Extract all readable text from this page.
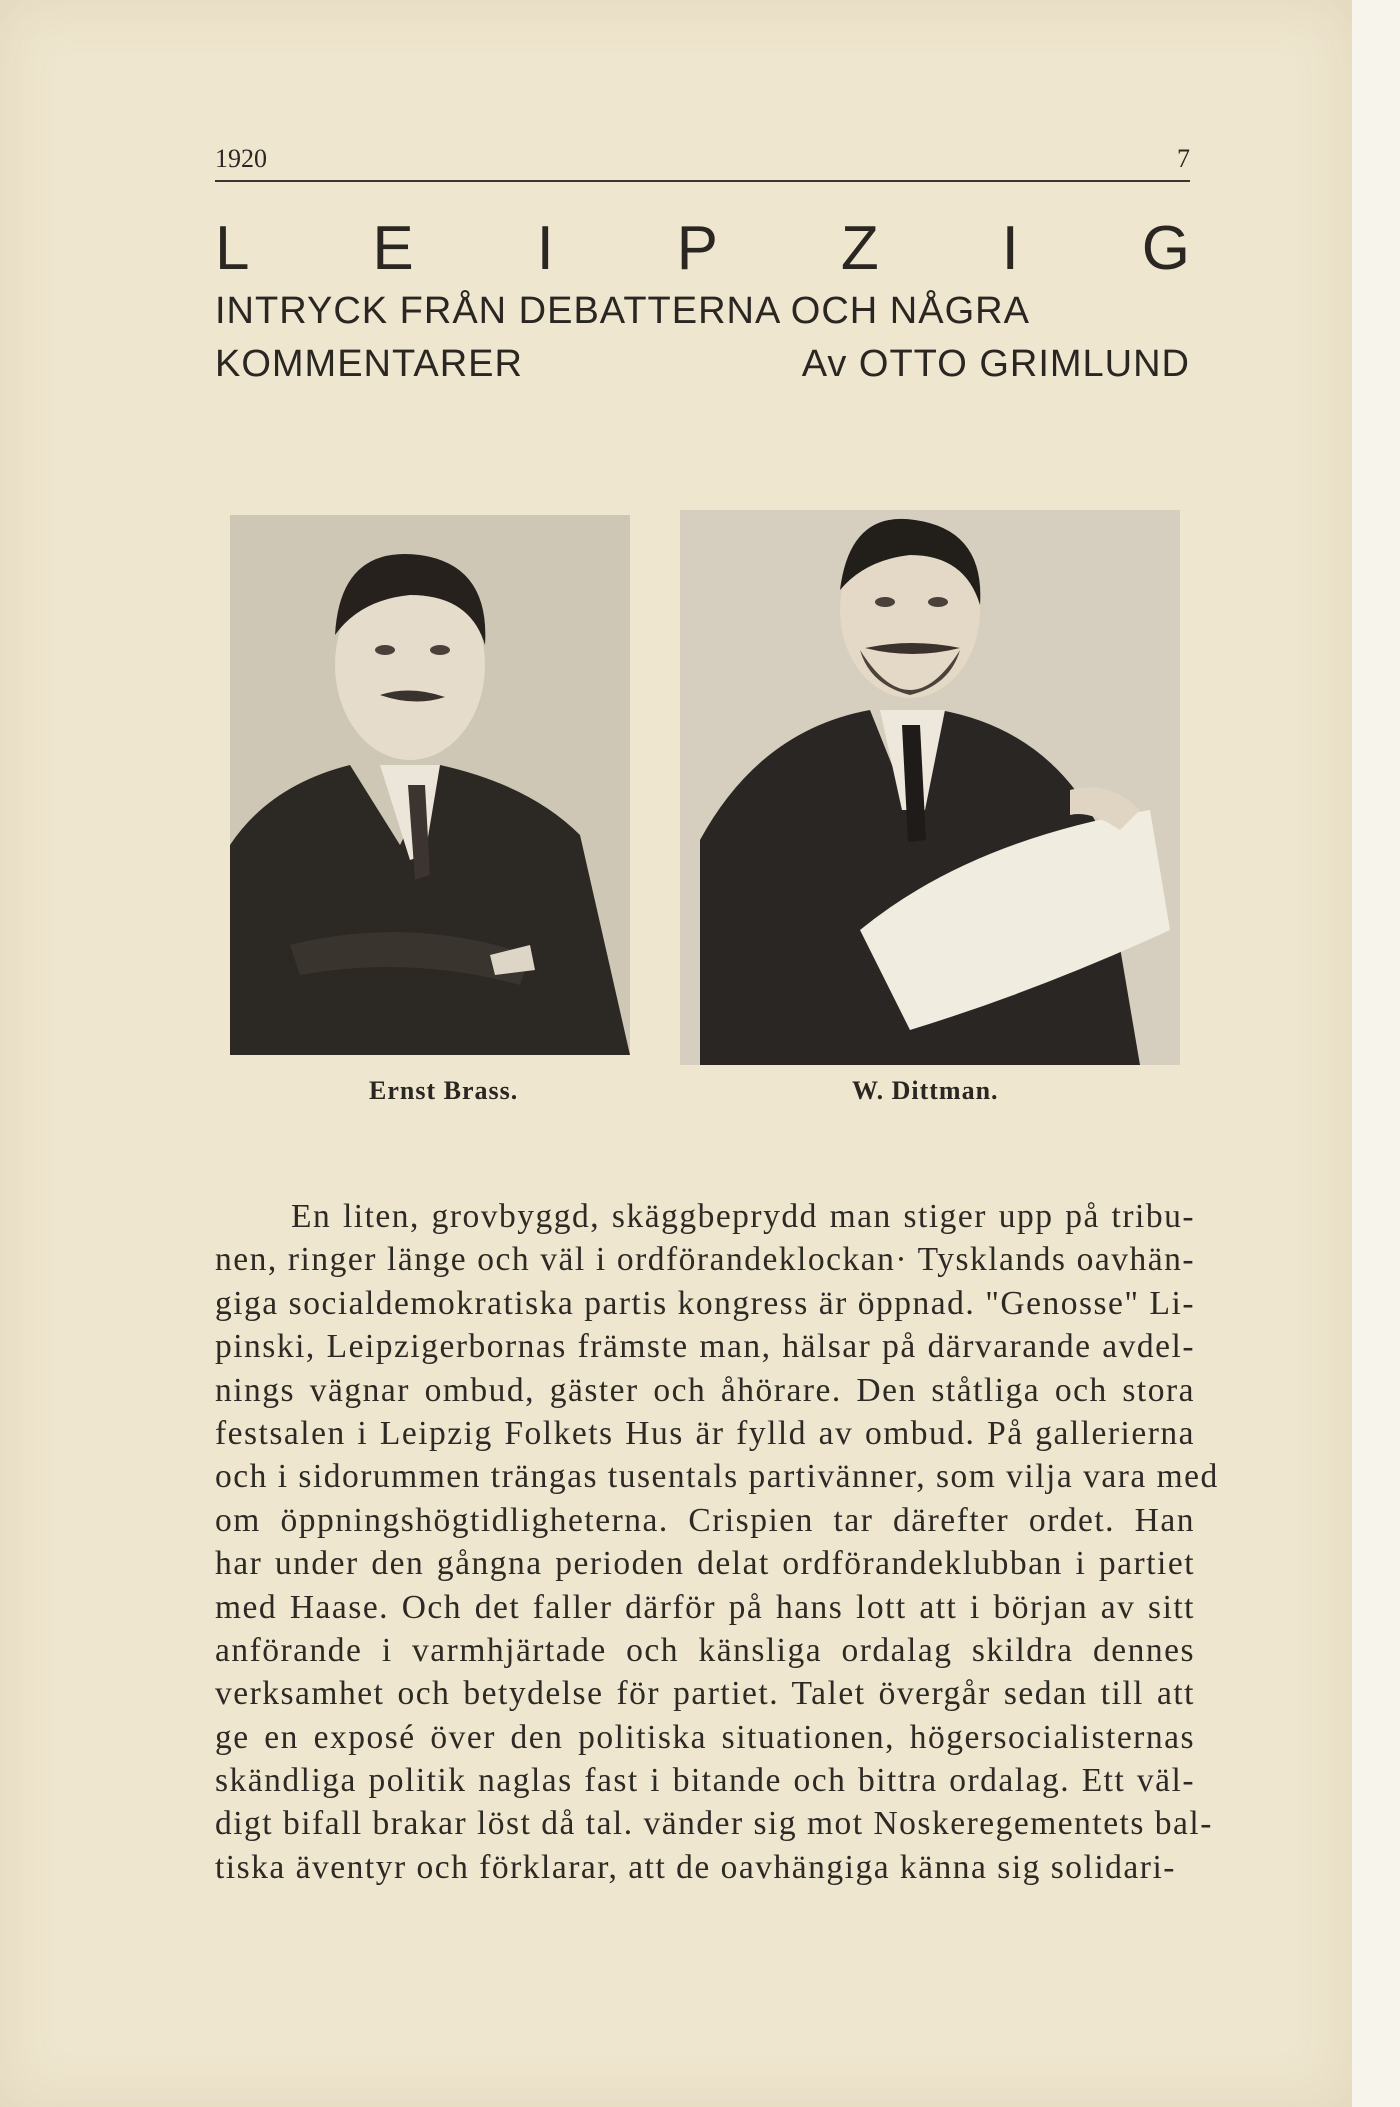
1920	7
L E I P Z I G
INTRYCK FRÅN DEBATTERNA OCH NÅGRA
KOMMENTARER	Av OTTO GRIMLUND
Ernst Brass.	W. Dittman.
En liten, grovbyggd, skäggbeprydd man stiger upp på tribu-
nen, ringer länge och väl i ordförandeklockan· Tysklands oavhän-
giga socialdemokratiska partis kongress är öppnad. "Genosse" Li-
pinski, Leipzigerbornas främste man, hälsar på därvarande avdel-
nings vägnar ombud, gäster och åhörare. Den ståtliga och stora
festsalen i Leipzig Folkets Hus är fylld av ombud. På gallerierna
och i sidorummen trängas tusentals partivänner, som vilja vara med
om öppningshögtidligheterna. Crispien tar därefter ordet. Han
har under den gångna perioden delat ordförandeklubban i partiet
med Haase. Och det faller därför på hans lott att i början av sitt
anförande i varmhjärtade och känsliga ordalag skildra dennes
verksamhet och betydelse för partiet. Talet övergår sedan till att
ge en exposé över den politiska situationen, högersocialisternas
skändliga politik naglas fast i bitande och bittra ordalag. Ett väl-
digt bifall brakar löst då tal. vänder sig mot Noskeregementets bal-
tiska äventyr och förklarar, att de oavhängiga känna sig solidari-
